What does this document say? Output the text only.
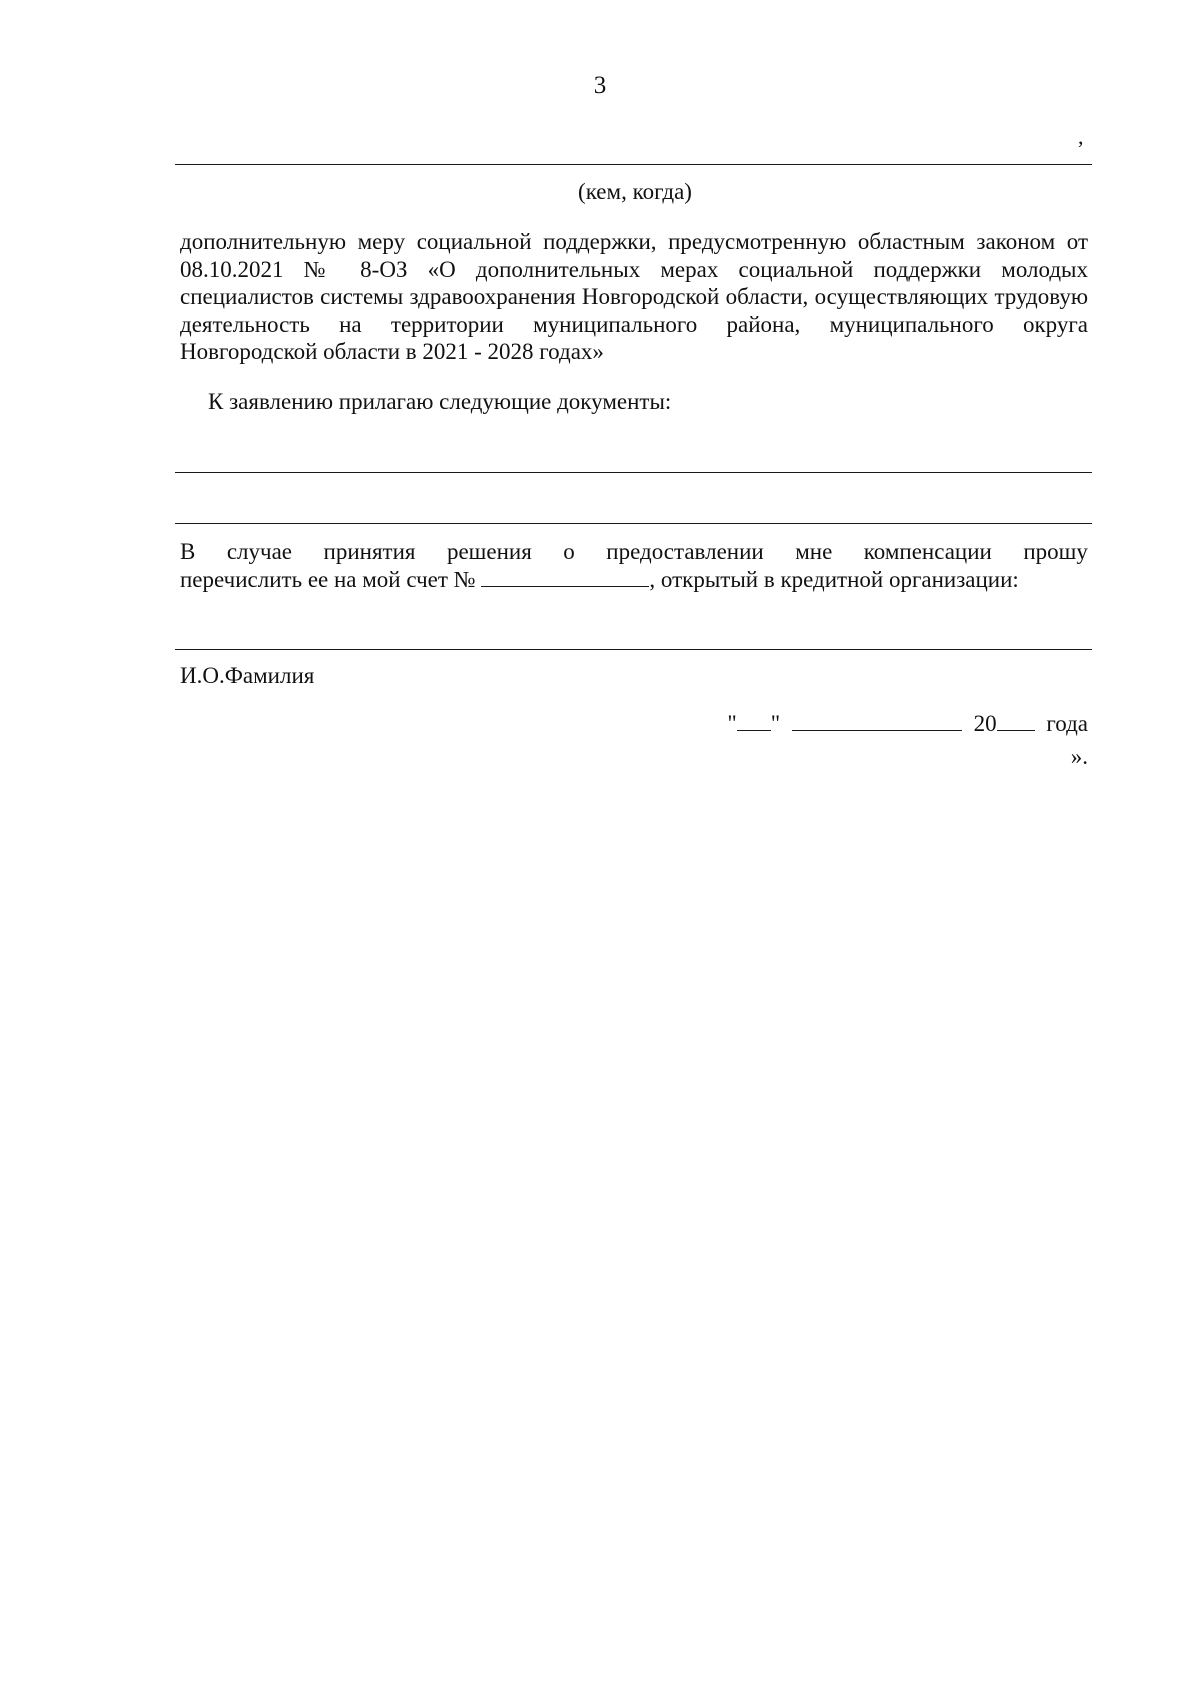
3
,
(кем, когда)
дополнительную меру социальной поддержки, предусмотренную областным законом от 08.10.2021 № 8-ОЗ «О дополнительных мерах социальной поддержки молодых специалистов системы здравоохранения Новгородской области, осуществляющих трудовую деятельность на территории муниципального района, муниципального округа Новгородской области в 2021 - 2028 годах»
К заявлению прилагаю следующие документы:
В случае принятия решения о предоставлении мне компенсации прошу
перечислить ее на мой счет №	, открытый в кредитной организации:
И.О.Фамилия
" "	20 года
».
